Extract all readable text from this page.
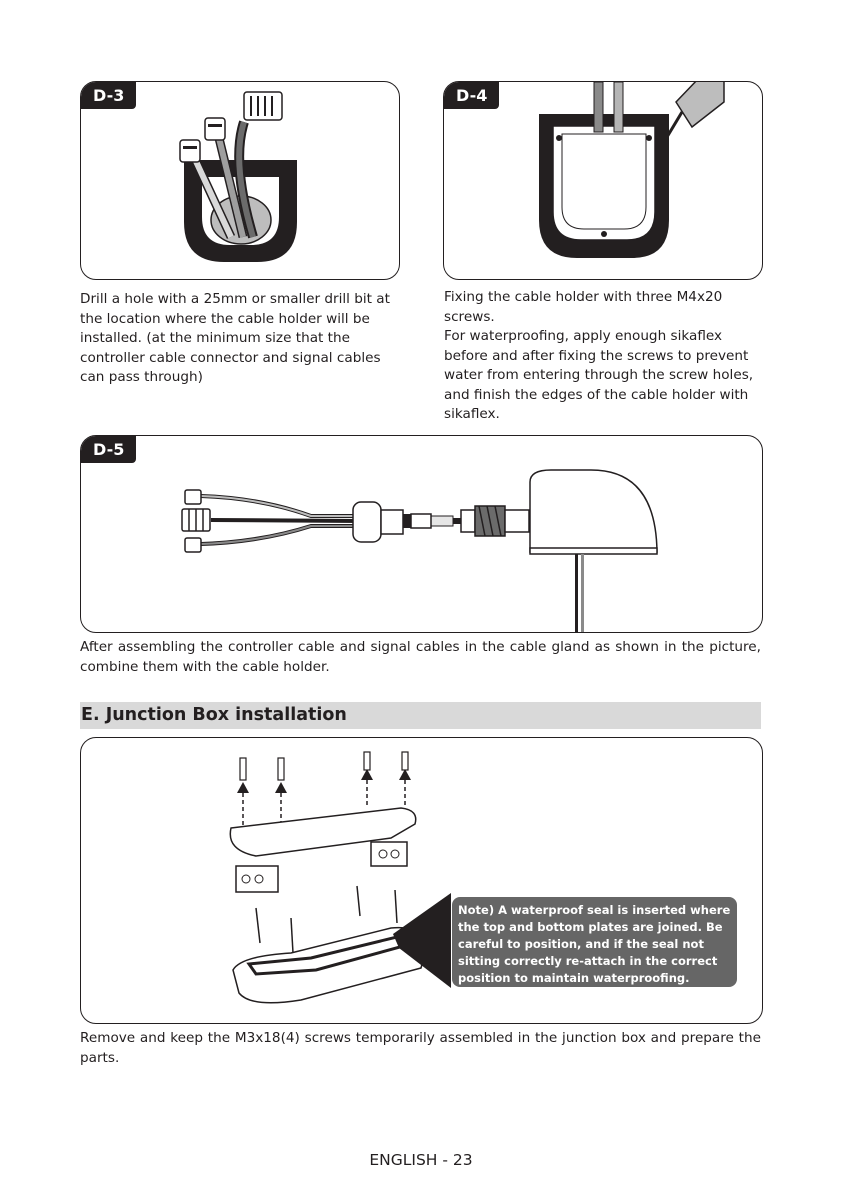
D-3

Drill a hole with a 25mm or smaller drill bit at the location where the cable holder will be installed. (at the minimum size that the controller cable connector and signal cables can pass through)

D-4
Fixing the cable holder with three M4x20 screws.
For waterproofing, apply enough sikaflex before and after fixing the screws to prevent water from entering through the screw holes, and finish the edges of the cable holder with sikaflex.
D-5

After assembling the controller cable and signal cables in the cable gland as shown in the picture, combine them with the cable holder.

E. Junction Box installation
Note) A waterproof seal is inserted where the top and bottom plates are joined. Be careful to position, and if the seal not sitting correctly re-attach in the correct position to maintain waterproofing.

Remove and keep the M3x18(4) screws temporarily assembled in the junction box and prepare the parts.

ENGLISH - 23
